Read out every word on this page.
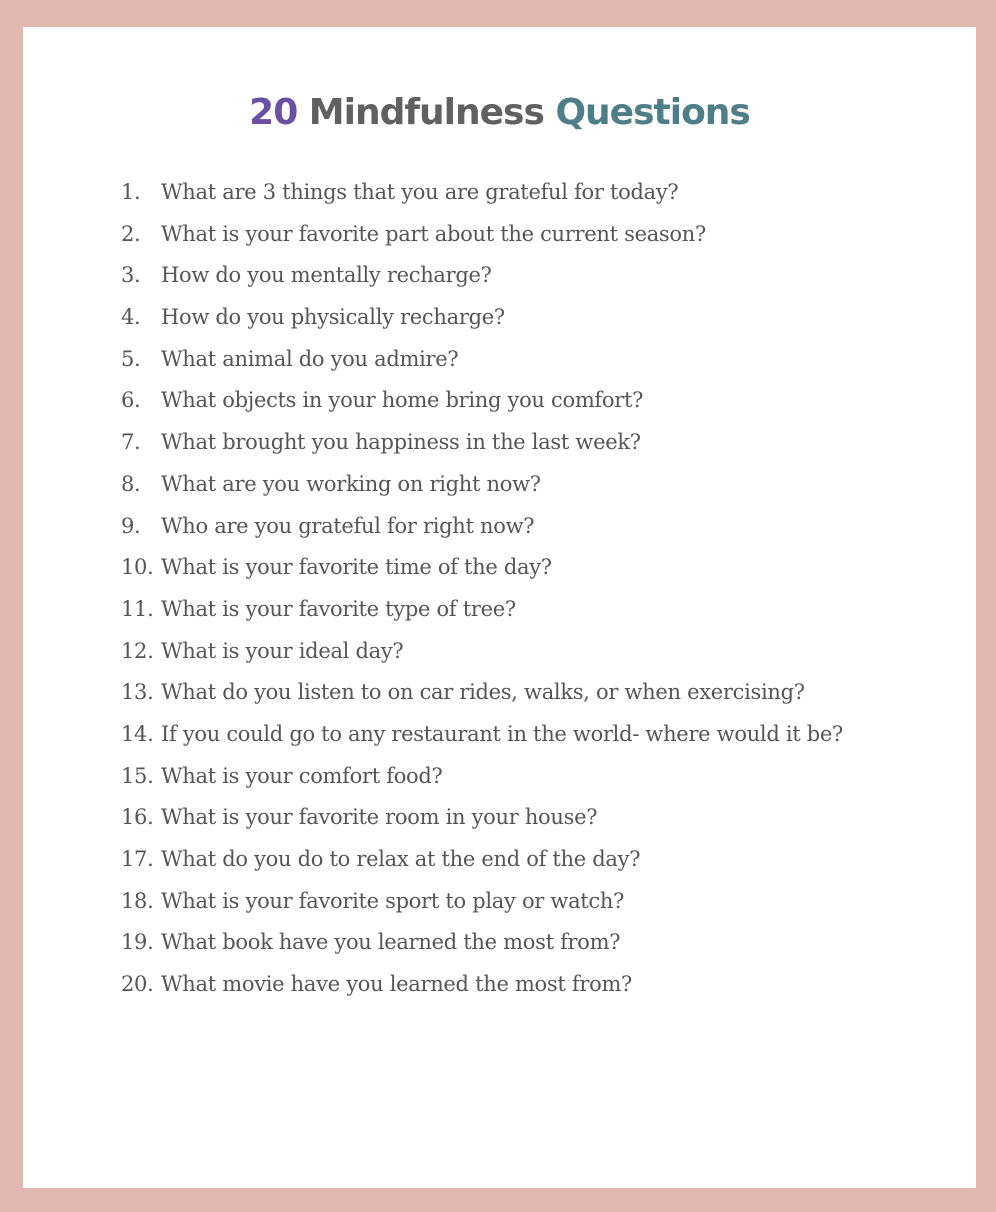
20 Mindfulness Questions
1. What are 3 things that you are grateful for today?
2. What is your favorite part about the current season?
3. How do you mentally recharge?
4. How do you physically recharge?
5. What animal do you admire?
6. What objects in your home bring you comfort?
7. What brought you happiness in the last week?
8. What are you working on right now?
9. Who are you grateful for right now?
10. What is your favorite time of the day?
11. What is your favorite type of tree?
12. What is your ideal day?
13. What do you listen to on car rides, walks, or when exercising?
14. If you could go to any restaurant in the world- where would it be?
15. What is your comfort food?
16. What is your favorite room in your house?
17. What do you do to relax at the end of the day?
18. What is your favorite sport to play or watch?
19. What book have you learned the most from?
20. What movie have you learned the most from?
